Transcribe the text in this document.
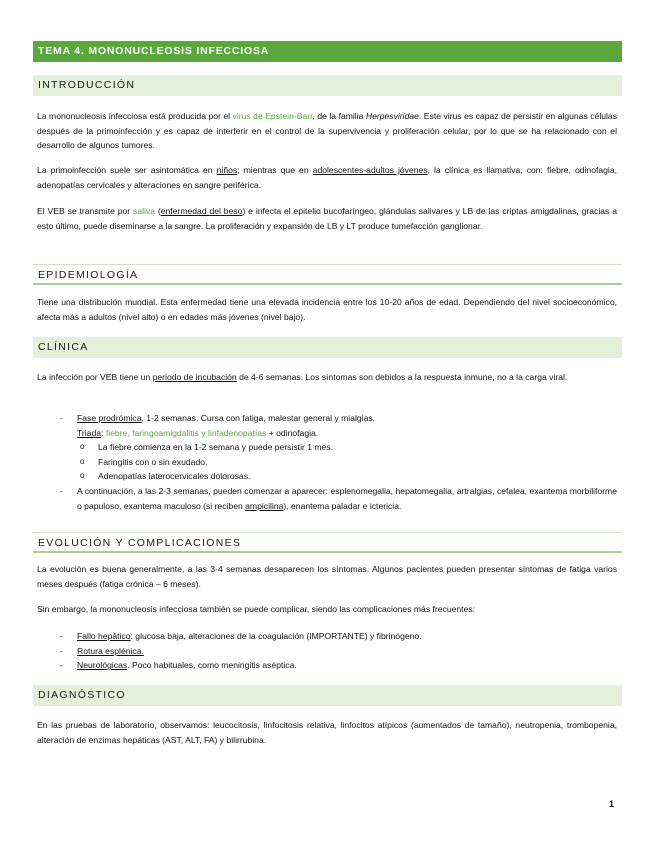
TEMA 4. MONONUCLEOSIS INFECCIOSA
INTRODUCCIÓN
La mononucleosis infecciosa está producida por el virus de Epstein-Barr, de la familia Herpesviridae. Este virus es capaz de persistir en algunas células después de la primoinfección y es capaz de interferir en el control de la supervivencia y proliferación celular, por lo que se ha relacionado con el desarrollo de algunos tumores.
La primoinfección suele ser asintomática en niños; mientras que en adolescentes-adultos jóvenes, la clínica es llamativa, con: fiebre, odinofagia, adenopatías cervicales y alteraciones en sangre periférica.
El VEB se transmite por saliva (enfermedad del beso) e infecta el epitelio bucofaríngeo, glándulas salivares y LB de las criptas amigdalinas, gracias a esto último, puede diseminarse a la sangre. La proliferación y expansión de LB y LT produce tumefacción ganglionar.
EPIDEMIOLOGÍA
Tiene una distribución mundial. Esta enfermedad tiene una elevada incidencia entre los 10-20 años de edad. Dependiendo del nivel socioeconómico, afecta más a adultos (nivel alto) o en edades más jóvenes (nivel bajo).
CLÍNICA
La infección por VEB tiene un periodo de incubación de 4-6 semanas. Los síntomas son debidos a la respuesta inmune, no a la carga viral.
- Fase prodrómica. 1-2 semanas. Cursa con fatiga, malestar general y mialgias.
Triada: fiebre, faringoamigdalitis y linfadenopatías + odinofagia.
o La fiebre comienza en la 1-2 semana y puede persistir 1 mes.
o Faringitis con o sin exudado.
o Adenopatías laterocervicales dolorosas.
- A continuación, a las 2-3 semanas, pueden comenzar a aparecer: esplenomegalia, hepatomegalia, artralgias, cefalea, exantema morbiliforme o papuloso, exantema maculoso (si reciben ampicilina), enantema paladar e ictericia.
EVOLUCIÓN Y COMPLICACIONES
La evolución es buena generalmente, a las 3-4 semanas desaparecen los síntomas. Algunos pacientes pueden presentar síntomas de fatiga varios meses después (fatiga crónica – 6 meses).
Sin embargo, la mononucleosis infecciosa también se puede complicar, siendo las complicaciones más frecuentes:
- Fallo hepático: glucosa baja, alteraciones de la coagulación (IMPORTANTE) y fibrinógeno.
- Rotura esplénica.
- Neurológicas. Poco habituales, como meningitis aséptica.
DIAGNÓSTICO
En las pruebas de laboratorio, observamos: leucocitosis, linfocitosis relativa, linfocitos atípicos (aumentados de tamaño), neutropenia, trombopenia, alteración de enzimas hepáticas (AST, ALT, FA) y bilirrubina.
1
